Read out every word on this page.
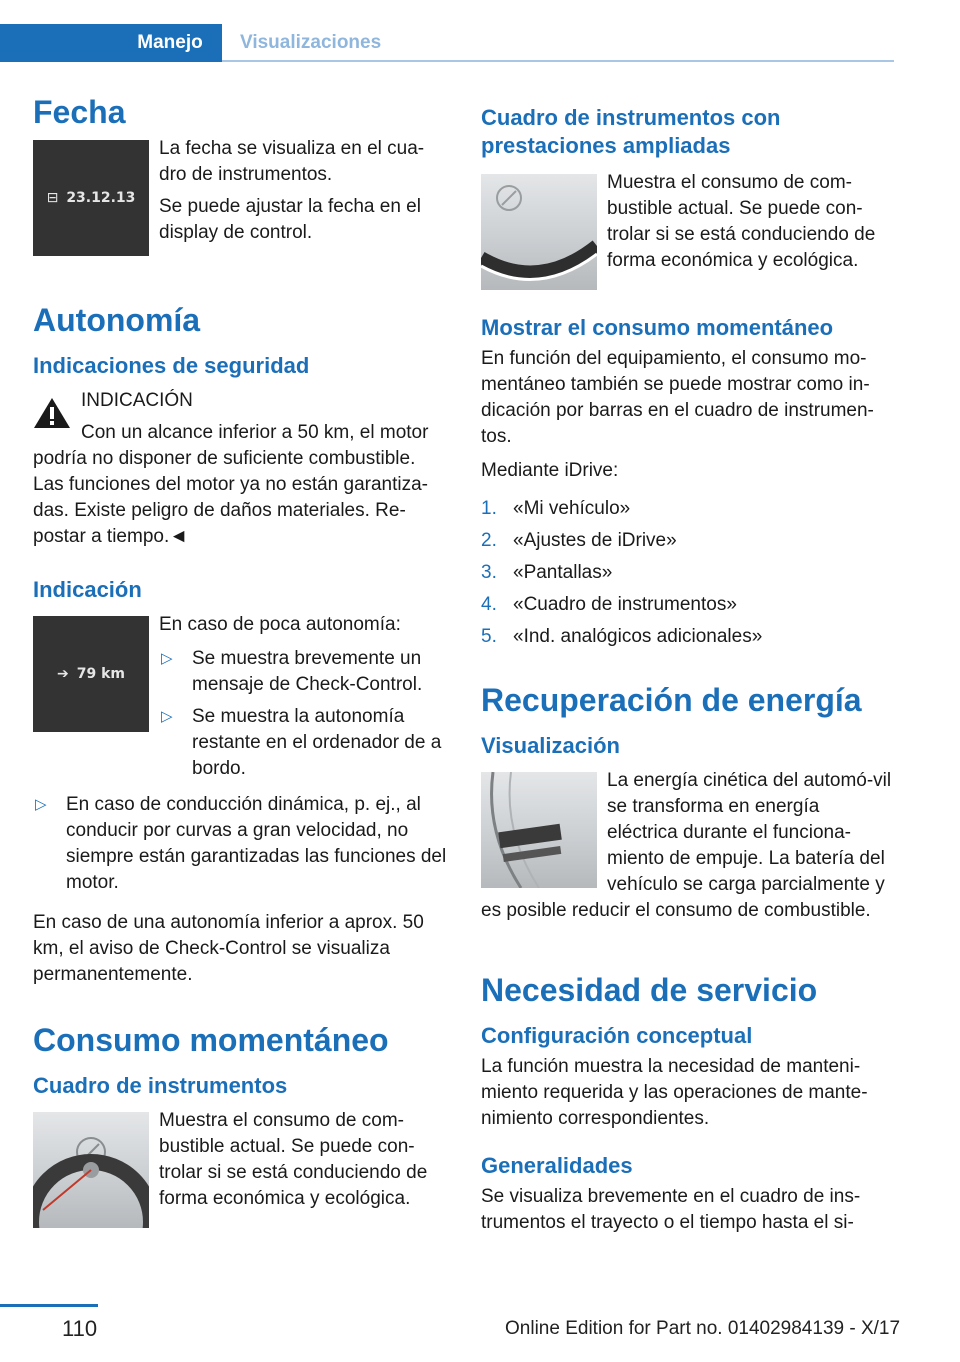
Manejo	Visualizaciones
Fecha
⊟ 23.12.13

La fecha se visualiza en el cua-dro de instrumentos.

Se puede ajustar la fecha en el display de control.

Autonomía
Indicaciones de seguridad

INDICACIÓN

Con un alcance inferior a 50 km, el motor podría no disponer de suficiente combustible. Las funciones del motor ya no están garantiza-das. Existe peligro de daños materiales. Re-postar a tiempo.◄

Indicación
➔ 79 km

En caso de poca autonomía:

▷ Se muestra brevemente un mensaje de Check-Control.
▷ Se muestra la autonomía restante en el ordenador de a bordo.
▷ En caso de conducción dinámica, p. ej., al conducir por curvas a gran velocidad, no siempre están garantizadas las funciones del motor.

En caso de una autonomía inferior a aprox. 50 km, el aviso de Check-Control se visualiza permanentemente.

Consumo momentáneo
Cuadro de instrumentos

Muestra el consumo de com-bustible actual. Se puede con-trolar si se está conduciendo de forma económica y ecológica.

Cuadro de instrumentos con prestaciones ampliadas

Muestra el consumo de com-bustible actual. Se puede con-trolar si se está conduciendo de forma económica y ecológica.

Mostrar el consumo momentáneo

En función del equipamiento, el consumo mo-mentáneo también se puede mostrar como in-dicación por barras en el cuadro de instrumen-tos.

Mediante iDrive:

1. «Mi vehículo»
2. «Ajustes de iDrive»
3. «Pantallas»
4. «Cuadro de instrumentos»
5. «Ind. analógicos adicionales»
Recuperación de energía
Visualización

La energía cinética del automó-vil se transforma en energía eléctrica durante el funciona-miento de empuje. La batería del vehículo se carga parcialmente y es posible reducir el consumo de combustible.

Necesidad de servicio
Configuración conceptual

La función muestra la necesidad de manteni-miento requerida y las operaciones de mante-nimiento correspondientes.

Generalidades

Se visualiza brevemente en el cuadro de ins-trumentos el trayecto o el tiempo hasta el si-

110	Online Edition for Part no. 01402984139 - X/17
